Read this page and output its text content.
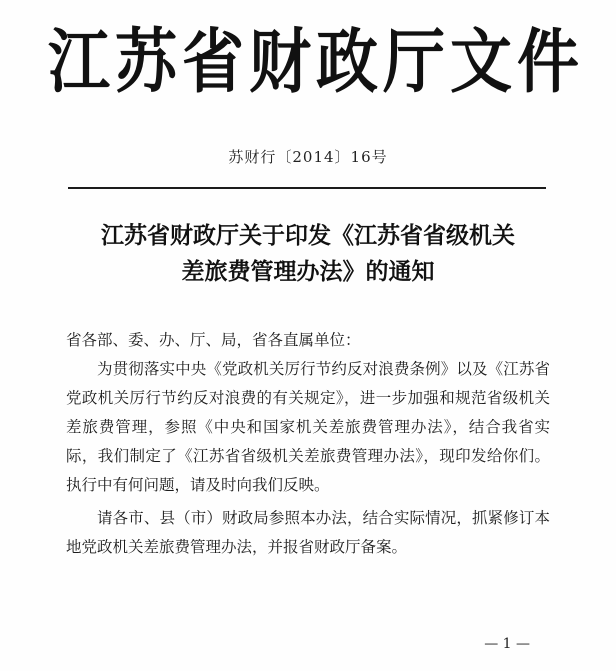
江苏省财政厅文件
苏财行〔2014〕16号
江苏省财政厅关于印发《江苏省省级机关
差旅费管理办法》的通知

省各部、委、办、厅、局，省各直属单位：

为贯彻落实中央《党政机关厉行节约反对浪费条例》以及《江苏省党政机关厉行节约反对浪费的有关规定》，进一步加强和规范省级机关差旅费管理，参照《中央和国家机关差旅费管理办法》，结合我省实际，我们制定了《江苏省省级机关差旅费管理办法》，现印发给你们。执行中有何问题，请及时向我们反映。

请各市、县（市）财政局参照本办法，结合实际情况，抓紧修订本地党政机关差旅费管理办法，并报省财政厅备案。

— 1 —
